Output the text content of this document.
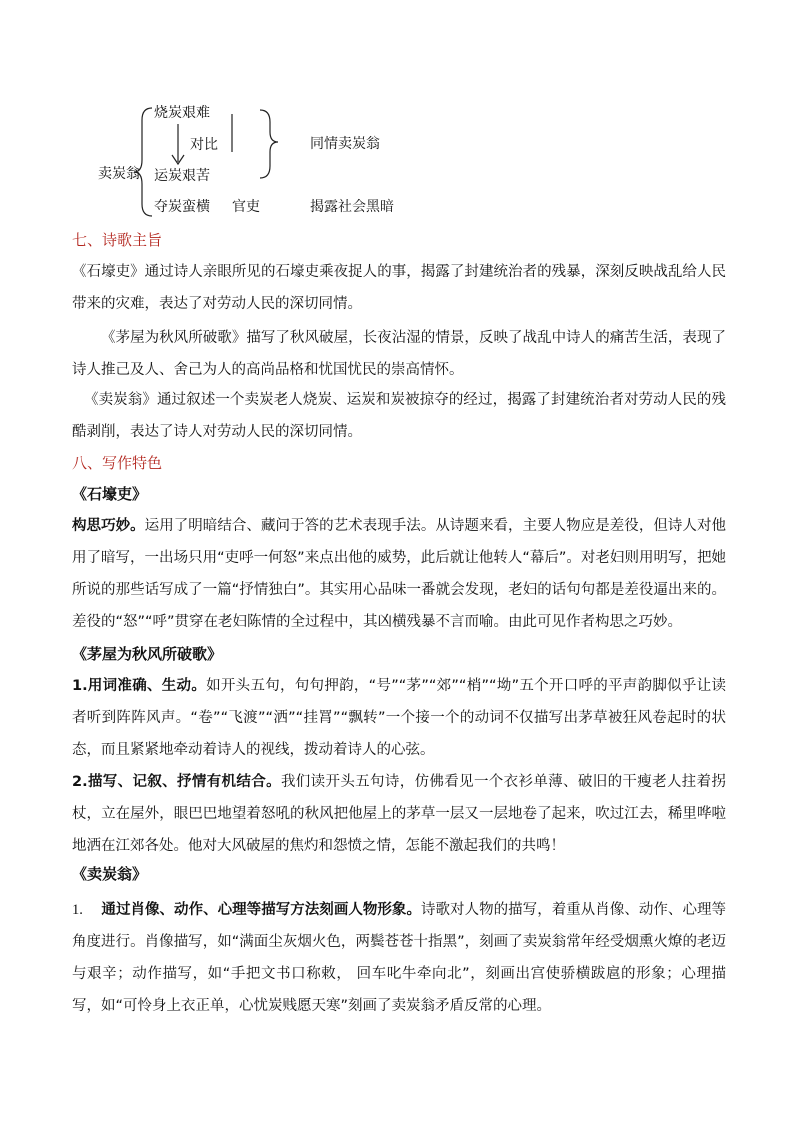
卖炭翁
烧炭艰难
对比
运炭艰苦
夺炭蛮横 官吏
同情卖炭翁
揭露社会黑暗
七、诗歌主旨

《石壕吏》通过诗人亲眼所见的石壕吏乘夜捉人的事，揭露了封建统治者的残暴，深刻反映战乱给人民带来的灾难，表达了对劳动人民的深切同情。

《茅屋为秋风所破歌》描写了秋风破屋，长夜沾湿的情景，反映了战乱中诗人的痛苦生活，表现了诗人推己及人、舍己为人的高尚品格和忧国忧民的崇高情怀。

《卖炭翁》通过叙述一个卖炭老人烧炭、运炭和炭被掠夺的经过，揭露了封建统治者对劳动人民的残酷剥削，表达了诗人对劳动人民的深切同情。

八、写作特色
《石壕吏》

构思巧妙。运用了明暗结合、藏问于答的艺术表现手法。从诗题来看，主要人物应是差役，但诗人对他用了暗写，一出场只用“吏呼一何怒”来点出他的威势，此后就让他转人“幕后”。对老妇则用明写，把她所说的那些话写成了一篇“抒情独白”。其实用心品味一番就会发现，老妇的话句句都是差役逼出来的。差役的“怒”“呼”贯穿在老妇陈情的全过程中，其凶横残暴不言而喻。由此可见作者构思之巧妙。

《茅屋为秋风所破歌》

1.用词准确、生动。如开头五句，句句押韵，“号”“茅”“郊”“梢”“坳”五个开口呼的平声韵脚似乎让读者听到阵阵风声。“卷”“飞渡”“洒”“挂罥”“飘转”一个接一个的动词不仅描写出茅草被狂风卷起时的状态，而且紧紧地牵动着诗人的视线，拨动着诗人的心弦。

2.描写、记叙、抒情有机结合。我们读开头五句诗，仿佛看见一个衣衫单薄、破旧的干瘦老人拄着拐杖，立在屋外，眼巴巴地望着怒吼的秋风把他屋上的茅草一层又一层地卷了起来，吹过江去，稀里哗啦地洒在江郊各处。他对大风破屋的焦灼和怨愤之情，怎能不激起我们的共鸣！

《卖炭翁》

1. 通过肖像、动作、心理等描写方法刻画人物形象。诗歌对人物的描写，着重从肖像、动作、心理等角度进行。肖像描写，如“满面尘灰烟火色，两鬓苍苍十指黑”，刻画了卖炭翁常年经受烟熏火燎的老迈与艰辛；动作描写，如“手把文书口称敕， 回车叱牛牵向北”，刻画出宫使骄横跋扈的形象；心理描写，如“可怜身上衣正单，心忧炭贱愿天寒”刻画了卖炭翁矛盾反常的心理。
